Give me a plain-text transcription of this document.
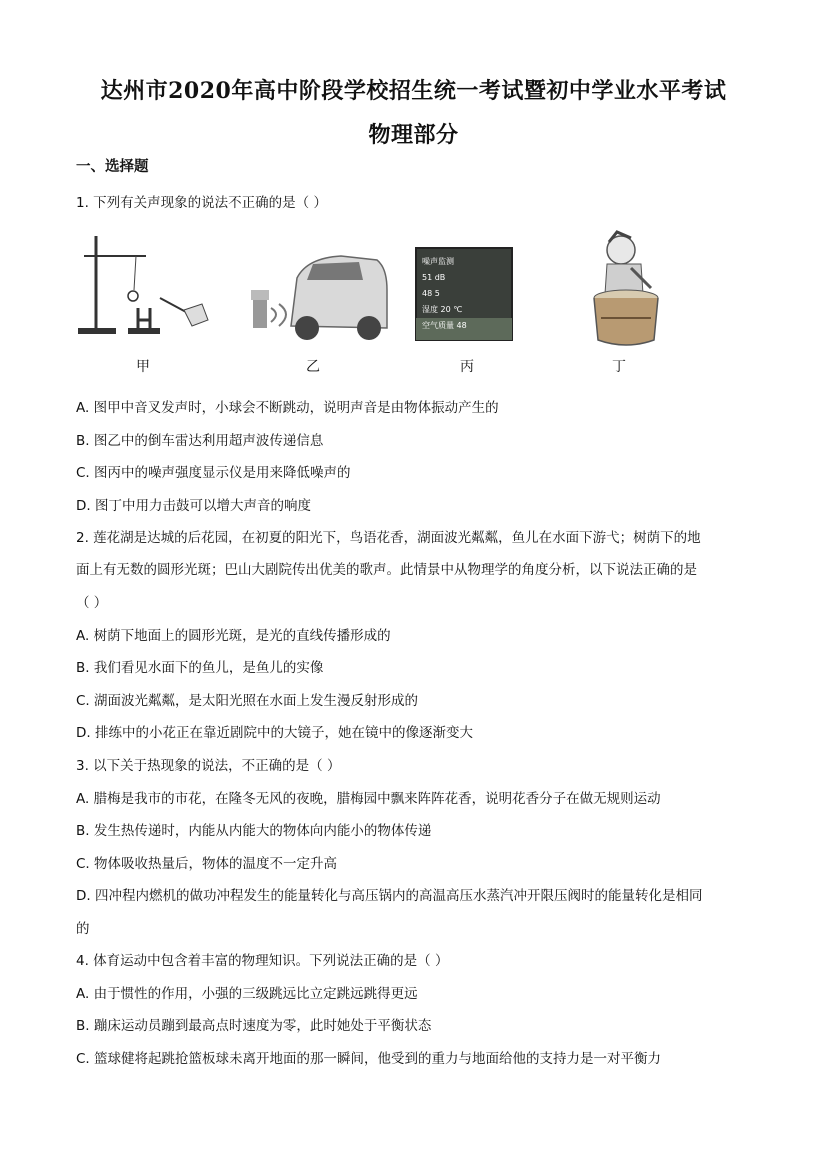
达州市2020年高中阶段学校招生统一考试暨初中学业水平考试
物理部分
一、选择题
1. 下列有关声现象的说法不正确的是（ ）
噪声监测
51 dB
48 5
湿度 20 ℃
空气质量 48
甲	乙	丙	丁
A. 图甲中音叉发声时，小球会不断跳动，说明声音是由物体振动产生的
B. 图乙中的倒车雷达利用超声波传递信息
C. 图丙中的噪声强度显示仪是用来降低噪声的
D. 图丁中用力击鼓可以增大声音的响度
2. 莲花湖是达城的后花园，在初夏的阳光下，鸟语花香，湖面波光粼粼，鱼儿在水面下游弋；树荫下的地
面上有无数的圆形光斑；巴山大剧院传出优美的歌声。此情景中从物理学的角度分析，以下说法正确的是
（ ）
A. 树荫下地面上的圆形光斑，是光的直线传播形成的
B. 我们看见水面下的鱼儿，是鱼儿的实像
C. 湖面波光粼粼，是太阳光照在水面上发生漫反射形成的
D. 排练中的小花正在靠近剧院中的大镜子，她在镜中的像逐渐变大
3. 以下关于热现象的说法，不正确的是（ ）
A. 腊梅是我市的市花，在隆冬无风的夜晚，腊梅园中飘来阵阵花香，说明花香分子在做无规则运动
B. 发生热传递时，内能从内能大的物体向内能小的物体传递
C. 物体吸收热量后，物体的温度不一定升高
D. 四冲程内燃机的做功冲程发生的能量转化与高压锅内的高温高压水蒸汽冲开限压阀时的能量转化是相同
的
4. 体育运动中包含着丰富的物理知识。下列说法正确的是（ ）
A. 由于惯性的作用，小强的三级跳远比立定跳远跳得更远
B. 蹦床运动员蹦到最高点时速度为零，此时她处于平衡状态
C. 篮球健将起跳抢篮板球未离开地面的那一瞬间，他受到的重力与地面给他的支持力是一对平衡力
